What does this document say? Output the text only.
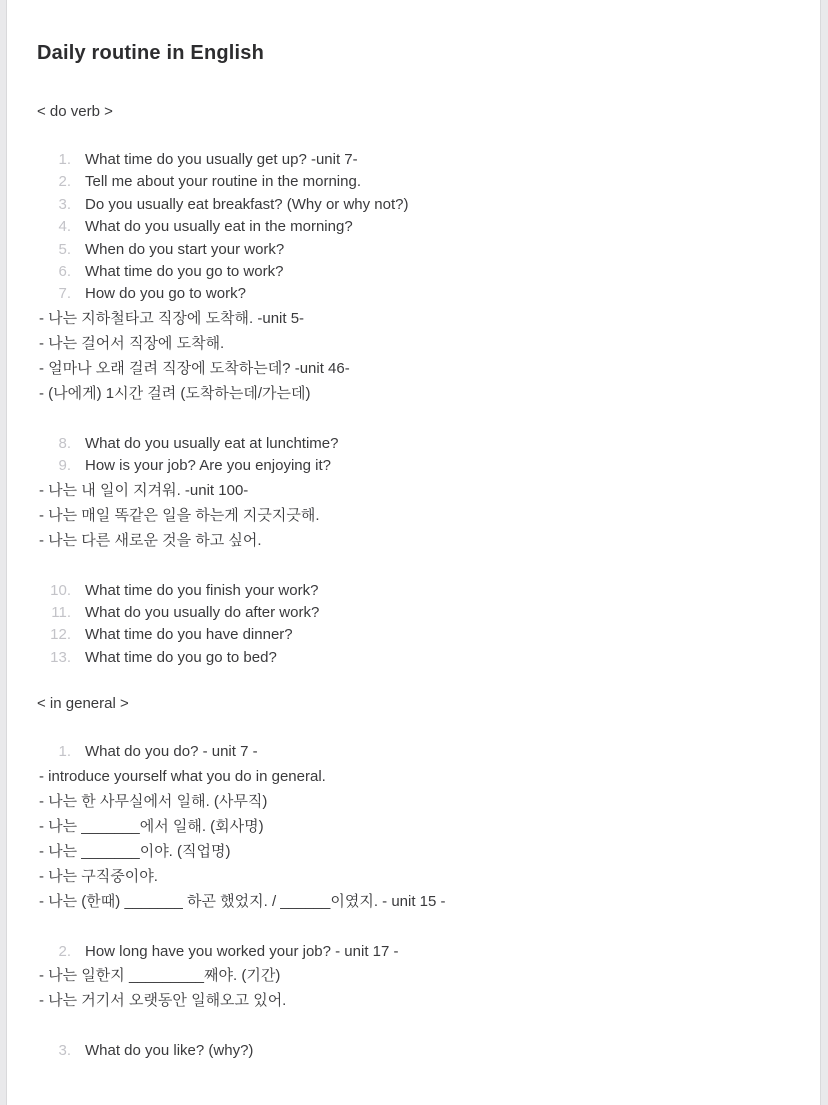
Daily routine in English
< do verb >
1. What time do you usually get up? -unit 7-
2. Tell me about your routine in the morning.
3. Do you usually eat breakfast? (Why or why not?)
4. What do you usually eat in the morning?
5. When do you start your work?
6. What time do you go to work?
7. How do you go to work?
- 나는 지하철타고 직장에 도착해. -unit 5-
- 나는 걸어서 직장에 도착해.
- 얼마나 오래 걸려 직장에 도착하는데? -unit 46-
- (나에게) 1시간 걸려 (도착하는데/가는데)
8. What do you usually eat at lunchtime?
9. How is your job? Are you enjoying it?
- 나는 내 일이 지겨워. -unit 100-
- 나는 매일 똑같은 일을 하는게 지긋지긋해.
- 나는 다른 새로운 것을 하고 싶어.
10. What time do you finish your work?
11. What do you usually do after work?
12. What time do you have dinner?
13. What time do you go to bed?
< in general >
1. What do you do? - unit 7 -
- introduce yourself what you do in general.
- 나는 한 사무실에서 일해. (사무직)
- 나는 _______에서 일해. (회사명)
- 나는 _______이야. (직업명)
- 나는 구직중이야.
- 나는 (한때) _______ 하곤 했었지. / ______이였지. - unit 15 -
2. How long have you worked your job? - unit 17 -
- 나는 일한지 _________째야. (기간)
- 나는 거기서 오랫동안 일해오고 있어.
3. What do you like? (why?)
